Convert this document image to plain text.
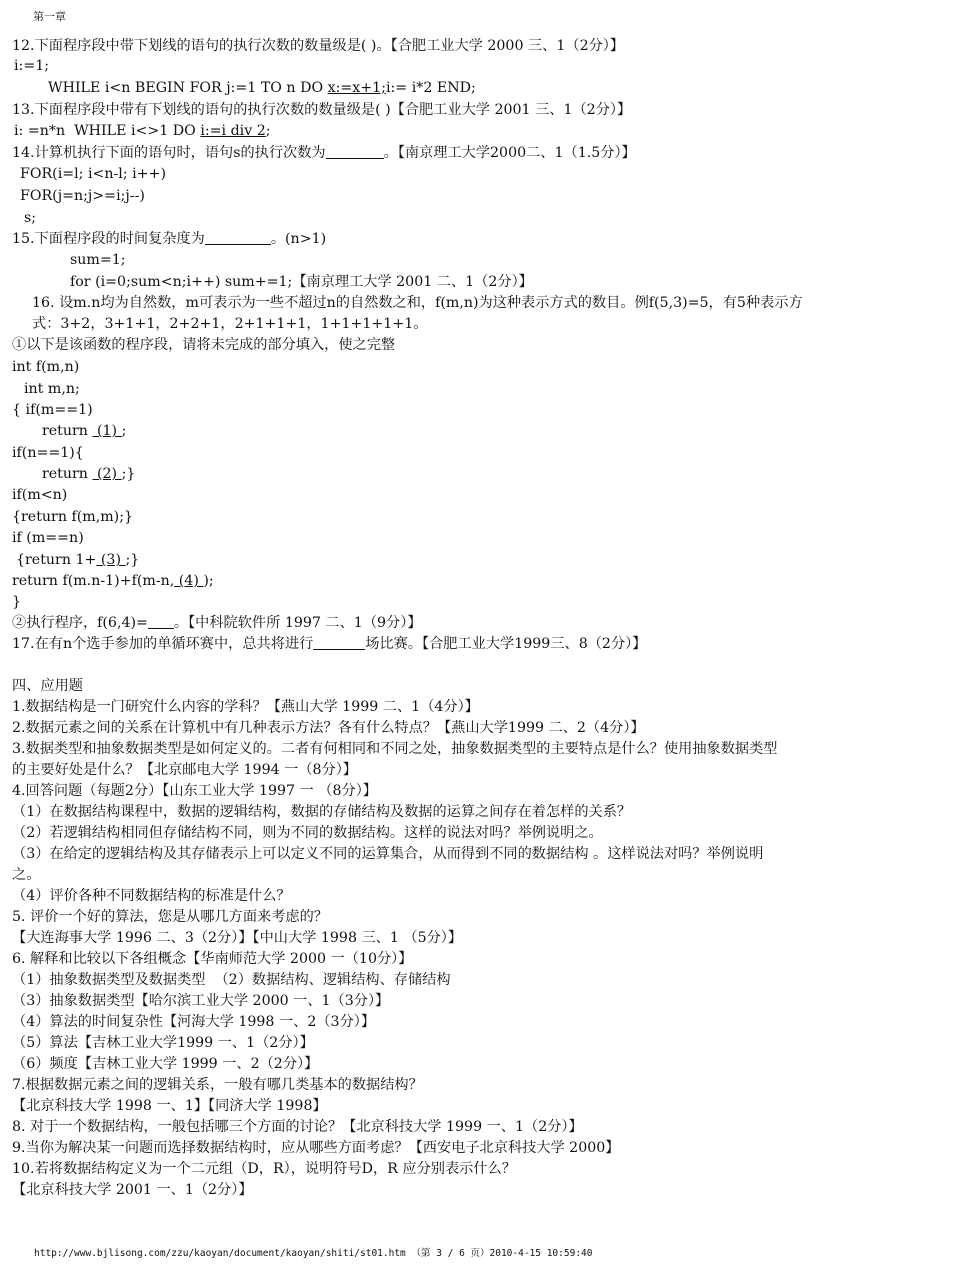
第一章
12.下面程序段中带下划线的语句的执行次数的数量级是( )。【合肥工业大学 2000 三、1（2分）】
i:=1;
WHILE i<n BEGIN FOR j:=1 TO n DO x:=x+1;i:= i*2 END;
13.下面程序段中带有下划线的语句的执行次数的数量级是( )【合肥工业大学 2001 三、1（2分）】
i: =n*n  WHILE i<>1 DO i:=i div 2;
14.计算机执行下面的语句时，语句s的执行次数为	。【南京理工大学2000二、1（1.5分）】
FOR(i=l; i<n-l; i++)
FOR(j=n;j>=i;j--)
s;
15.下面程序段的时间复杂度为	。(n>1)
sum=1;
for (i=0;sum<n;i++) sum+=1;【南京理工大学 2001 二、1（2分）】
16. 设m.n均为自然数，m可表示为一些不超过n的自然数之和，f(m,n)为这种表示方式的数目。例f(5,3)=5，有5种表示方
式：3+2，3+1+1，2+2+1，2+1+1+1，1+1+1+1+1。
①以下是该函数的程序段，请将未完成的部分填入，使之完整
int f(m,n)
int m,n;
{ if(m==1)
return  (1) ;
if(n==1){
return  (2) ;}
if(m<n)
{return f(m,m);}
if (m==n)
{return 1+ (3) ;}
return f(m.n-1)+f(m-n, (4) );
}
②执行程序，f(6,4)= 。【中科院软件所 1997 二、1（9分）】
17.在有n个选手参加的单循环赛中，总共将进行	场比赛。【合肥工业大学1999三、8（2分）】
四、应用题
1.数据结构是一门研究什么内容的学科？【燕山大学 1999 二、1（4分）】
2.数据元素之间的关系在计算机中有几种表示方法？各有什么特点？【燕山大学1999 二、2（4分）】
3.数据类型和抽象数据类型是如何定义的。二者有何相同和不同之处，抽象数据类型的主要特点是什么？使用抽象数据类型
的主要好处是什么？【北京邮电大学 1994 一（8分）】
4.回答问题（每题2分）【山东工业大学 1997 一 （8分）】
（1）在数据结构课程中，数据的逻辑结构，数据的存储结构及数据的运算之间存在着怎样的关系？
（2）若逻辑结构相同但存储结构不同，则为不同的数据结构。这样的说法对吗？举例说明之。
（3）在给定的逻辑结构及其存储表示上可以定义不同的运算集合，从而得到不同的数据结构 。这样说法对吗？举例说明
之。
（4）评价各种不同数据结构的标准是什么？
5. 评价一个好的算法，您是从哪几方面来考虑的？
【大连海事大学 1996 二、3（2分）】【中山大学 1998 三、1 （5分）】
6. 解释和比较以下各组概念【华南师范大学 2000 一（10分）】
（1）抽象数据类型及数据类型  （2）数据结构、逻辑结构、存储结构
（3）抽象数据类型【哈尔滨工业大学 2000 一、1（3分）】
（4）算法的时间复杂性【河海大学 1998 一、2（3分）】
（5）算法【吉林工业大学1999 一、1（2分）】
（6）频度【吉林工业大学 1999 一、2（2分）】
7.根据数据元素之间的逻辑关系，一般有哪几类基本的数据结构？
【北京科技大学 1998 一、1】【同济大学 1998】
8. 对于一个数据结构，一般包括哪三个方面的讨论？【北京科技大学 1999 一、1（2分）】
9.当你为解决某一问题而选择数据结构时，应从哪些方面考虑？【西安电子北京科技大学 2000】
10.若将数据结构定义为一个二元组（D，R），说明符号D，R 应分别表示什么？
【北京科技大学 2001 一、1（2分）】
http://www.bjlisong.com/zzu/kaoyan/document/kaoyan/shiti/st01.htm （第 3 / 6 页）2010-4-15 10:59:40
